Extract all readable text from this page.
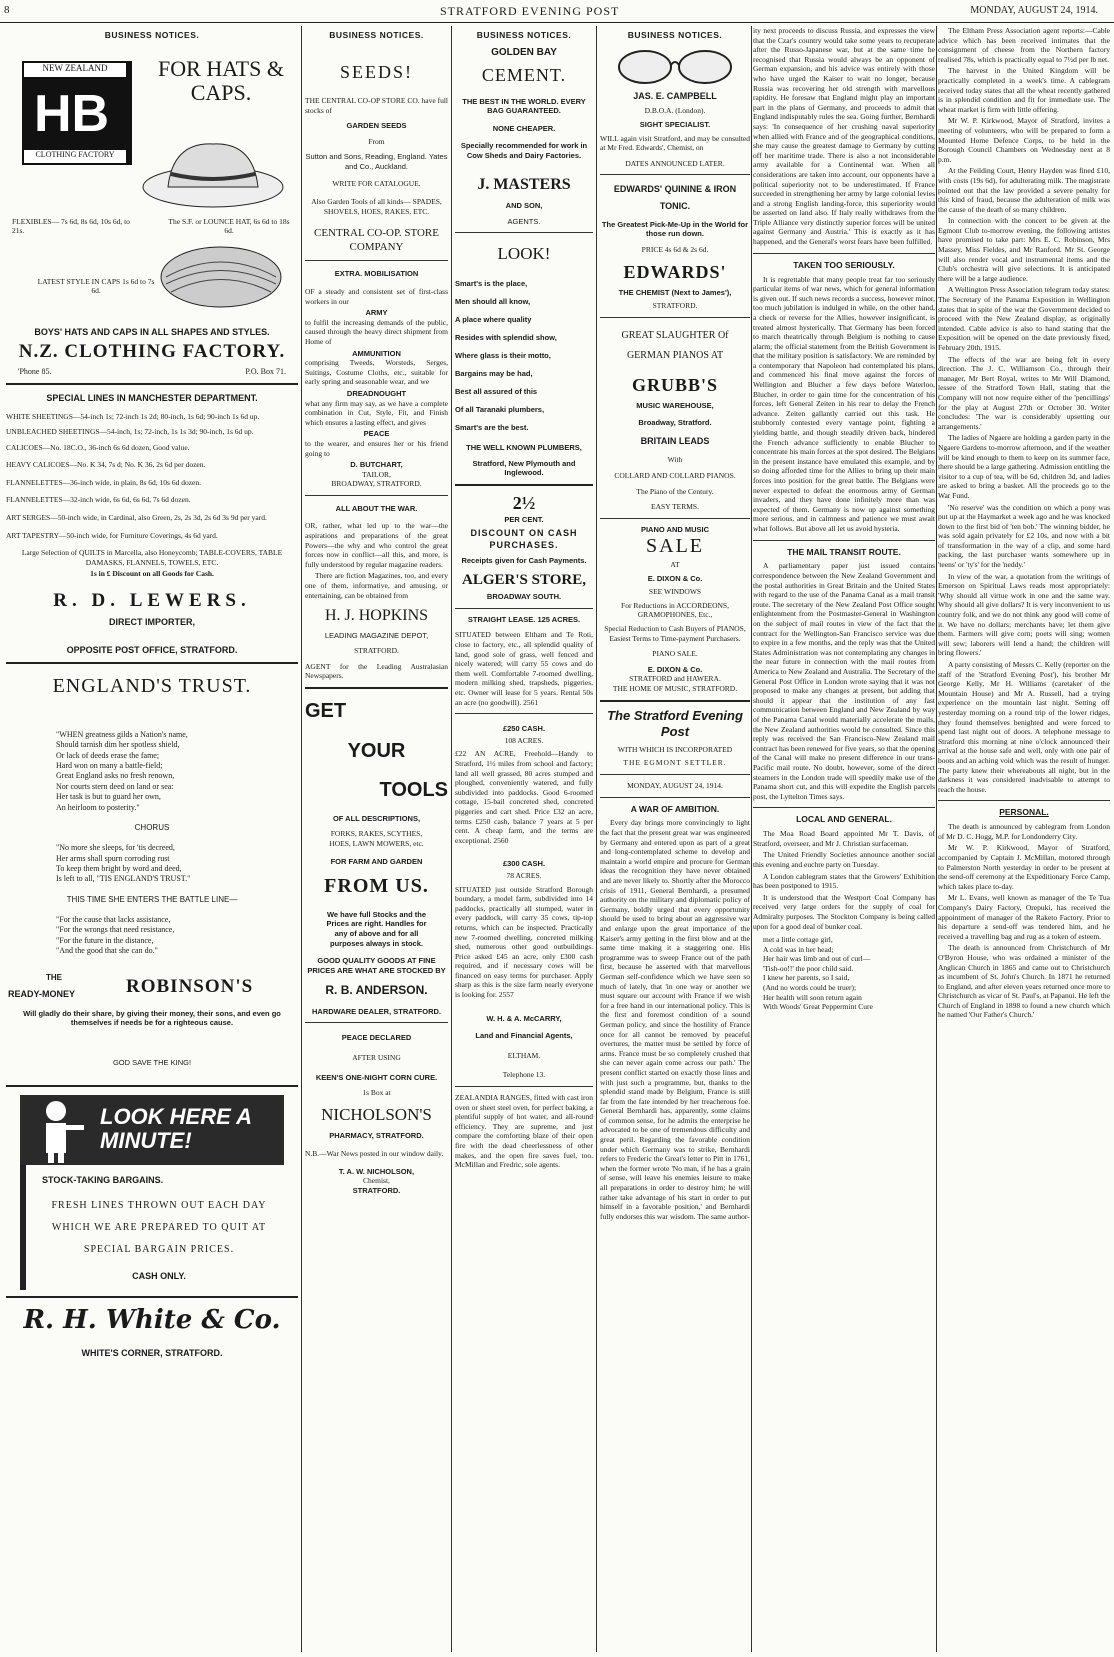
8	STRATFORD EVENING POST	MONDAY, AUGUST 24, 1914.
BUSINESS NOTICES.
NEW ZEALAND
HB
CLOTHING FACTORY
FOR HATS & CAPS.
FLEXIBLES— 7s 6d, 8s 6d, 10s 6d, to 21s.
The S.F. or LOUNCE HAT, 6s 6d to 18s 6d.
LATEST STYLE IN CAPS 1s 6d to 7s 6d.
BOYS' HATS AND CAPS IN ALL SHAPES AND STYLES.
N.Z. CLOTHING FACTORY.
'Phone 85.	P.O. Box 71.
SPECIAL LINES IN MANCHESTER DEPARTMENT.

WHITE SHEETINGS—54-inch 1s; 72-inch 1s 2d; 80-inch, 1s 6d; 90-inch 1s 6d up.

UNBLEACHED SHEETINGS—54-inch, 1s; 72-inch, 1s 1s 3d; 90-inch, 1s 6d up.

CALICOES—No. 18C.O., 36-inch 6s 6d dozen, Good value.

HEAVY CALICOES—No. K 34, 7s d; No. K 36, 2s 6d per dozen.

FLANNELETTES—36-inch wide, in plain, 8s 6d, 10s 6d dozen.

FLANNELETTES—32-inch wide, 6s 6d, 6s 6d, 7s 6d dozen.

ART SERGES—50-inch wide, in Cardinal, also Green, 2s, 2s 3d, 2s 6d 3s 9d per yard.

ART TAPESTRY—50-inch wide, for Furniture Coverings, 4s 6d yard.

Large Selection of QUILTS in Marcella, also Honeycomb; TABLE-COVERS, TABLE DAMASKS, FLANNELS, TOWELS, ETC.

1s in £ Discount on all Goods for Cash.

R. D. LEWERS.
DIRECT IMPORTER,
OPPOSITE POST OFFICE, STRATFORD.
ENGLAND'S TRUST.
"WHEN greatness gilds a Nation's name,
Should tarnish dim her spotless shield,
Or lack of deeds erase the fame;
Hard won on many a battle-field;
Great England asks no fresh renown,
Nor courts stern deed on land or sea:
Her task is but to guard her own,
An heirloom to posterity."
CHORUS
"No more she sleeps, for 'tis decreed,
Her arms shall spurn corroding rust
To keep them bright by word and deed,
Is left to all, "TIS ENGLAND'S TRUST."
THIS TIME SHE ENTERS THE BATTLE LINE—
"For the cause that lacks assistance,
"For the wrongs that need resistance,
"For the future in the distance,
"And the good that she can do."
THE
READY-MONEY	ROBINSON'S

Will gladly do their share, by giving their money, their sons, and even go themselves if needs be for a righteous cause.

GOD SAVE THE KING!
LOOK HERE A MINUTE!
STOCK-TAKING BARGAINS.
FRESH LINES THROWN OUT EACH DAY WHICH WE ARE PREPARED TO QUIT AT SPECIAL BARGAIN PRICES.
CASH ONLY.
R. H. White & Co.
WHITE'S CORNER, STRATFORD.
BUSINESS NOTICES.
SEEDS!

THE CENTRAL CO-OP STORE CO. have full stocks of

GARDEN SEEDS
From

Sutton and Sons, Reading, England. Yates and Co., Auckland.

WRITE FOR CATALOGUE.

Also Garden Tools of all kinds— SPADES, SHOVELS, HOES, RAKES, ETC.

CENTRAL CO-OP. STORE COMPANY
EXTRA. MOBILISATION

OF a steady and consistent set of first-class workers in our

ARMY

to fulfil the increasing demands of the public, caused through the heavy direct shipment from Home of

AMMUNITION

comprising Tweeds, Worsteds, Serges, Suitings, Costume Cloths, etc., suitable for early spring and seasonable wear, and we

DREADNOUGHT

what any firm may say, as we have a complete combination in Cut, Style, Fit, and Finish which ensures a lasting effect, and gives

PEACE

to the wearer, and ensures her or his friend going to

D. BUTCHART,
TAILOR,
BROADWAY, STRATFORD.
ALL ABOUT THE WAR.

OR, rather, what led up to the war—the aspirations and preparations of the great Powers—the why and who control the great forces now in conflict—all this, and more, is fully understood by regular magazine readers.

There are fiction Magazines, too, and every one of them, informative, and amusing, or entertaining, can be obtained from

H. J. HOPKINS
LEADING MAGAZINE DEPOT,
STRATFORD.

AGENT for the Leading Australasian Newspapers.

GET
YOUR
TOOLS
OF ALL DESCRIPTIONS,

FORKS, RAKES, SCYTHES, HOES, LAWN MOWERS, etc.

FOR FARM AND GARDEN
FROM US.

We have full Stocks and the Prices are right. Handles for any of above and for all purposes always in stock.

GOOD QUALITY GOODS AT FINE PRICES ARE WHAT ARE STOCKED BY

R. B. ANDERSON.
HARDWARE DEALER, STRATFORD.
PEACE DECLARED
AFTER USING
KEEN'S ONE-NIGHT CORN CURE.
1s Box at
NICHOLSON'S
PHARMACY, STRATFORD.

N.B.—War News posted in our window daily.

T. A. W. NICHOLSON,
Chemist,
STRATFORD.
BUSINESS NOTICES.
GOLDEN BAY
CEMENT.

THE BEST IN THE WORLD. EVERY BAG GUARANTEED.

NONE CHEAPER.

Specially recommended for work in Cow Sheds and Dairy Factories.

J. MASTERS
AND SON,
AGENTS.
LOOK!
Smart's is the place,
Men should all know,
A place where quality
Resides with splendid show,
Where glass is their motto,
Bargains may be had,
Best all assured of this
Of all Taranaki plumbers,
Smart's are the best.
THE WELL KNOWN PLUMBERS,
Stratford, New Plymouth and Inglewood.
2½
PER CENT.
DISCOUNT ON CASH PURCHASES.
Receipts given for Cash Payments.
ALGER'S STORE,
BROADWAY SOUTH.
STRAIGHT LEASE. 125 ACRES.

SITUATED between Eltham and Te Roti, close to factory, etc., all splendid quality of land, good sole of grass, well fenced and nicely watered; will carry 55 cows and do them well. Comfortable 7-roomed dwelling, modern milking shed, trapsheds, piggeries, etc. Owner will lease for 5 years. Rental 50s an acre (no goodwill). 2561

£250 CASH.
108 ACRES.

£22 AN ACRE, Freehold—Handy to Stratford, 1½ miles from school and factory; land all well grassed, 80 acres stumped and ploughed, conveniently watered, and fully subdivided into paddocks. Good 6-roomed cottage, 15-bail concreted shed, concreted piggeries and cart shed. Price £32 an acre, terms £250 cash, balance 7 years at 5 per cent. A cheap farm, and the terms are exceptional. 2560

£300 CASH.
78 ACRES.

SITUATED just outside Stratford Borough boundary, a model farm, subdivided into 14 paddocks, practically all stumped, water in every paddock, will carry 35 cows, tip-top returns, which can be inspected. Practically new 7-roomed dwelling, concreted milking shed, numerous other good outbuildings. Price asked £45 an acre, only £300 cash required, and if necessary cows will be financed on easy terms for purchaser. Apply sharp as this is the size farm nearly everyone is looking for. 2557

W. H. & A. McCARRY,
Land and Financial Agents,
ELTHAM.
Telephone 13.

ZEALANDIA RANGES, fitted with cast iron oven or sheet steel oven, for perfect baking, a plentiful supply of hot water, and all-round efficiency. They are supreme, and just compare the comforting blaze of their open fire with the dead cheerlessness of other makes, and the open fire saves fuel, too. McMillan and Fredric, sole agents.

BUSINESS NOTICES.
JAS. E. CAMPBELL
D.B.O.A. (London).
SIGHT SPECIALIST.

WILL again visit Stratford, and may be consulted at Mr Fred. Edwards', Chemist, on

DATES ANNOUNCED LATER.
EDWARDS' QUININE & IRON TONIC.

The Greatest Pick-Me-Up in the World for those run down.

PRICE 4s 6d & 2s 6d.
EDWARDS'
THE CHEMIST (Next to James'),
STRATFORD.
GREAT SLAUGHTER Of GERMAN PIANOS AT
GRUBB'S
MUSIC WAREHOUSE,
Broadway, Stratford.
BRITAIN LEADS
With
COLLARD AND COLLARD PIANOS.
The Piano of the Century.
EASY TERMS.
PIANO AND MUSIC
SALE
AT
E. DIXON & Co.
SEE WINDOWS

For Reductions in ACCORDEONS, GRAMOPHONES, Etc.,

Special Reduction to Cash Buyers of PIANOS, Easiest Terms to Time-payment Purchasers.

PIANO SALE.
E. DIXON & Co.
STRATFORD and HAWERA.
THE HOME OF MUSIC, STRATFORD.
The Stratford Evening Post
WITH WHICH IS INCORPORATED
THE EGMONT SETTLER.
MONDAY, AUGUST 24, 1914.
A WAR OF AMBITION.

Every day brings more convincingly to light the fact that the present great war was engineered by Germany and entered upon as part of a great and long-contemplated scheme to develop and maintain a world empire and procure for German ideas the recognition they have never obtained and are never likely to. Shortly after the Morocco crisis of 1911, General Bernhardi, a presumed authority on the military and diplomatic policy of Germany, boldly urged that every opportunity should be used to bring about an aggressive war and enlarge upon the great importance of the Kaiser's army getting in the first blow and at the same time making it a staggering one. His programme was to sweep France out of the path first, because he asserted with that marvellous German self-confidence which we have seen so much of lately, that 'in one way or another we must square our account with France if we wish for a free hand in our international policy. This is the first and foremost condition of a sound German policy, and since the hostility of France once for all cannot be removed by peaceful overtures, the matter must be settled by force of arms. France must be so completely crushed that she can never again come across our path.' The present conflict started on exactly those lines and with just such a programme, but, thanks to the splendid stand made by Belgium, France is still far from the fate intended by her treacherous foe. General Bernhardi has, apparently, some claims of common sense, for he admits the enterprise he advocated to be one of tremendous difficulty and great peril. Regarding the favorable condition under which Germany was to strike, Bernhardi refers to Frederic the Great's letter to Pitt in 1761, when the former wrote 'No man, if he has a grain of sense, will leave his enemies leisure to make all preparations in order to destroy him; he will rather take advantage of his start in order to put himself in a favorable position,' and Bernhardi fully endorses this war wisdom. The same author-

ity next proceeds to discuss Russia, and expresses the view that the Czar's country would take some years to recuperate after the Russo-Japanese war, but at the same time he recognised that Russia would always be an opponent of German expansion, and his advice was entirely with those who have urged the Kaiser to wait no longer, because Russia was recovering her old strength with marvellous rapidity. He foresaw that England might play an important part in the plans of Germany, and proceeds to admit that England indisputably rules the sea. Going further, Bernhardi says: 'In consequence of her crushing naval superiority when allied with France and of the geographical conditions, she may cause the greatest damage to Germany by cutting off her maritime trade. There is also a not inconsiderable army available for a Continental war. When all considerations are taken into account, our opponents have a political superiority not to be underestimated. If France succeeded in strengthening her army by large colonial levies and a strong English landing-force, this superiority would be asserted on land also. If Italy really withdraws from the Triple Alliance very distinctly superior forces will be united against Germany and Austria.' This is exactly as it has happened, and the General's worst fears have been fulfilled.

TAKEN TOO SERIOUSLY.

It is regrettable that many people treat far too seriously particular items of war news, which for general information is given out. If such news records a success, however minor, too much jubilation is indulged in while, on the other hand, a check or reverse for the Allies, however insignificant, is treated almost hysterically. That Germany has been forced to march theatrically through Belgium is nothing to cause alarm; the official statement from the British Government is that the military position is satisfactory. We are reminded by a contemporary that Napoleon had contemplated his plans, and commenced his final move against the forces of Wellington and Blucher a few days before Waterloo, Blucher, in order to gain time for the concentration of his forces, left General Zeiten in his rear to delay the French advance. Zeiten gallantly carried out this task. He stubbornly contested every vantage point, fighting a yielding battle, and though steadily driven back, hindered the French advance sufficiently to enable Blucher to concentrate his main forces at the spot desired. The Belgians in the present instance have emulated this example, and by so doing afforded time for the Allies to bring up their main forces into position for the great battle. The Belgians were never expected to defeat the enormous army of German invaders, and they have done infinitely more than was expected of them. Germany is now up against something more serious, and in calmness and patience we must await what follows. But above all let us avoid hysteria.

THE MAIL TRANSIT ROUTE.

A parliamentary paper just issued contains correspondence between the New Zealand Government and the postal authorities in Great Britain and the United States with regard to the use of the Panama Canal as a mail transit route. The secretary of the New Zealand Post Office sought enlightenment from the Postmaster-General in Washington on the subject of mail routes in view of the fact that the contract for the Wellington-San Francisco service was due to expire in a few months, and the reply was that the United States Administration was not contemplating any changes in the near future in connection with the mail routes from America to New Zealand and Australia. The Secretary of the General Post Office in London wrote saying that it was not proposed to make any changes at present, but adding that should it appear that the institution of any fast communication between England and New Zealand by way of the Panama Canal would materially accelerate the mails, the New Zealand authorities would be consulted. Since this reply was received the San Francisco-New Zealand mail contract has been renewed for five years, so that the opening of the Canal will make no present difference in our trans-Pacific mail route. No doubt, however, some of the direct steamers in the London trade will speedily make use of the Panama short cut, and this will expedite the English parcels post, the Lyttelton Times says.

LOCAL AND GENERAL.

The Moa Road Board appointed Mr T. Davis, of Stratford, overseer, and Mr J. Christian surfaceman.

The United Friendly Societies announce another social this evening and euchre party on Tuesday.

A London cablegram states that the Growers' Exhibition has been postponed to 1915.

It is understood that the Westport Coal Company has received very large orders for the supply of coal for Admiralty purposes. The Stockton Company is being called upon for a good deal of bunker coal.

met a little cottage girl,
A cold was in her head;
Her hair was limb and out of curl—
'Tish-oo!!' the poor child said.
I knew her parents, so I said,
(And no words could be truer);
Her health will soon return again
With Woods' Great Peppermint Cure

The Eltham Press Association agent reports:—Cable advice which has been received intimates that the consignment of cheese from the Northern factory realised 78s, which is practically equal to 7½d per lb net.

The harvest in the United Kingdom will be practically completed in a week's time. A cablegram received today states that all the wheat recently gathered is in splendid condition and fit for immediate use. The wheat market is firm with little offering.

Mr W. P. Kirkwood, Mayor of Stratford, invites a meeting of volunteers, who will be prepared to form a Mounted Home Defence Corps, to be held in the Borough Council Chambers on Wednesday next at 8 p.m.

At the Feilding Court, Henry Hayden was fined £10, with costs (19s 6d), for adulterating milk. The magistrate pointed out that the law provided a severe penalty for this kind of fraud, because the adulteration of milk was the cause of the death of so many children.

In connection with the concert to be given at the Egmont Club to-morrow evening, the following artistes have promised to take part: Mrs E. C. Robinson, Mrs Massey, Miss Fieldes, and Mr Ranford. Mr St. George will also render vocal and instrumental items and the Club's orchestra will give selections. It is anticipated there will be a large audience.

A Wellington Press Association telegram today states: The Secretary of the Panama Exposition in Wellington states that in spite of the war the Government decided to proceed with the New Zealand display, as originally intended. Cable advice is also to hand stating that the Exposition will be opened on the date previously fixed, February 20th, 1915.

The effects of the war are being felt in every direction. The J. C. Williamson Co., through their manager, Mr Bert Royal, writes to Mr Will Diamond, lessee of the Stratford Town Hall, stating that the Company will not now require either of the 'pencillings' for the play at August 27th or October 30. Writer concludes: 'The war is considerably upsetting our arrangements.'

The ladies of Ngaere are holding a garden party in the Ngaere Gardens to-morrow afternoon, and if the weather will be kind enough to them to keep on its summer face, there should be a large gathering. Admission entitling the visitor to a cup of tea, will be 6d, children 3d, and ladies are asked to bring a basket. All the proceeds go to the War Fund.

'No reserve' was the condition on which a pony was put up at the Haymarket a week ago and he was knocked down to the first bid of 'ten bob.' The winning bidder, he was sold again privately for £2 10s, and now with a bit of transformation in the way of a clip, and some hard packing, the last purchaser wants somewhere up in 'teens' or 'ty's' for the 'neddy.'

In view of the war, a quotation from the writings of Emerson on Spiritual Laws reads most appropriately: 'Why should all virtue work in one and the same way. Why should all give dollars? It is very inconvenient to us country folk, and we do not think any good will come of it. We have no dollars; merchants have; let them give them. Farmers will give corn; poets will sing; women will sew; laborers will lend a hand; the children will bring flowers.'

A party consisting of Messrs C. Kelly (reporter on the staff of the 'Stratford Evening Post'), his brother Mr George Kelly, Mr H. Williams (caretaker of the Mountain House) and Mr A. Russell, had a trying experience on the mountain last night. Setting off yesterday morning on a round trip of the lower ridges, they found themselves benighted and were forced to spend last night out of doors. A telephone message to Stratford this morning at nine o'clock announced their arrival at the house safe and well, only with one pair of boots and an aching void which was the result of hunger. The party knew their whereabouts all night, but in the darkness it was considered inadvisable to attempt to reach the house.

PERSONAL.

The death is announced by cablegram from London of Mr D. C. Hogg, M.P. for Londonderry City.

Mr W. P. Kirkwood, Mayor of Stratford, accompanied by Captain J. McMillan, motored through to Palmerston North yesterday in order to be present at the send-off ceremony at the Expeditionary Force Camp, which takes place to-day.

Mr L. Evans, well known as manager of the Te Tua Company's Dairy Factory, Orepuki, has received the appointment of manager of the Raketo Factory. Prior to his departure a send-off was tendered him, and he received a travelling bag and rug as a token of esteem.

The death is announced from Christchurch of Mr O'Byron House, who was ordained a minister of the Anglican Church in 1865 and came out to Christchurch as incumbent of St. John's Church. In 1871 he returned to England, and after eleven years returned once more to Christchurch as vicar of St. Paul's, at Papanui. He left the Church of England in 1898 to found a new church which he named 'Our Father's Church.'
